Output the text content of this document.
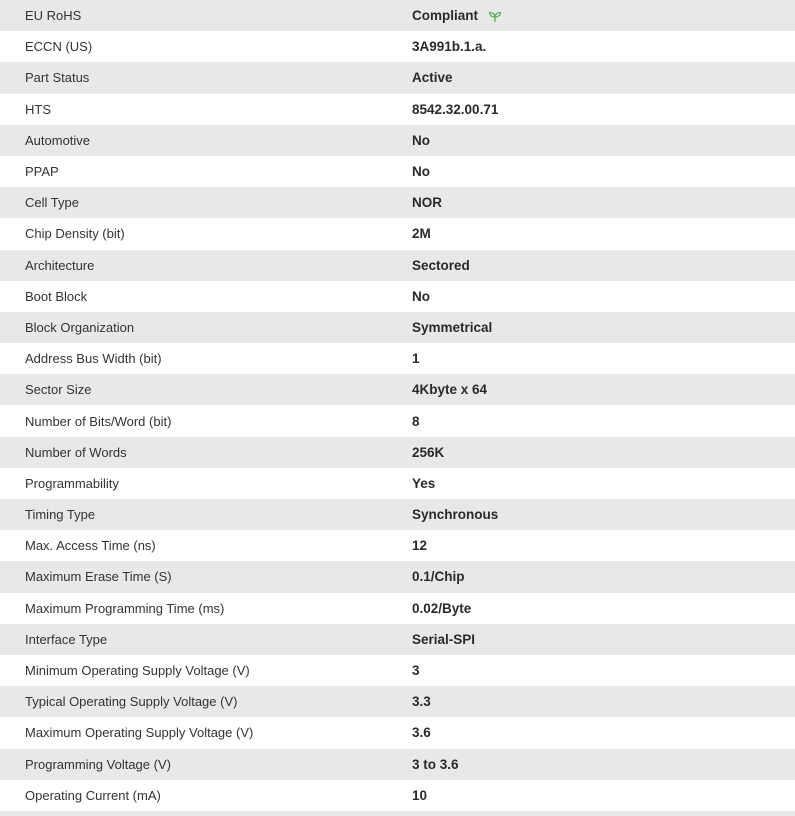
EU RoHS	Compliant
ECCN (US)	3A991b.1.a.
Part Status	Active
HTS	8542.32.00.71
Automotive	No
PPAP	No
Cell Type	NOR
Chip Density (bit)	2M
Architecture	Sectored
Boot Block	No
Block Organization	Symmetrical
Address Bus Width (bit)	1
Sector Size	4Kbyte x 64
Number of Bits/Word (bit)	8
Number of Words	256K
Programmability	Yes
Timing Type	Synchronous
Max. Access Time (ns)	12
Maximum Erase Time (S)	0.1/Chip
Maximum Programming Time (ms)	0.02/Byte
Interface Type	Serial-SPI
Minimum Operating Supply Voltage (V)	3
Typical Operating Supply Voltage (V)	3.3
Maximum Operating Supply Voltage (V)	3.6
Programming Voltage (V)	3 to 3.6
Operating Current (mA)	10
